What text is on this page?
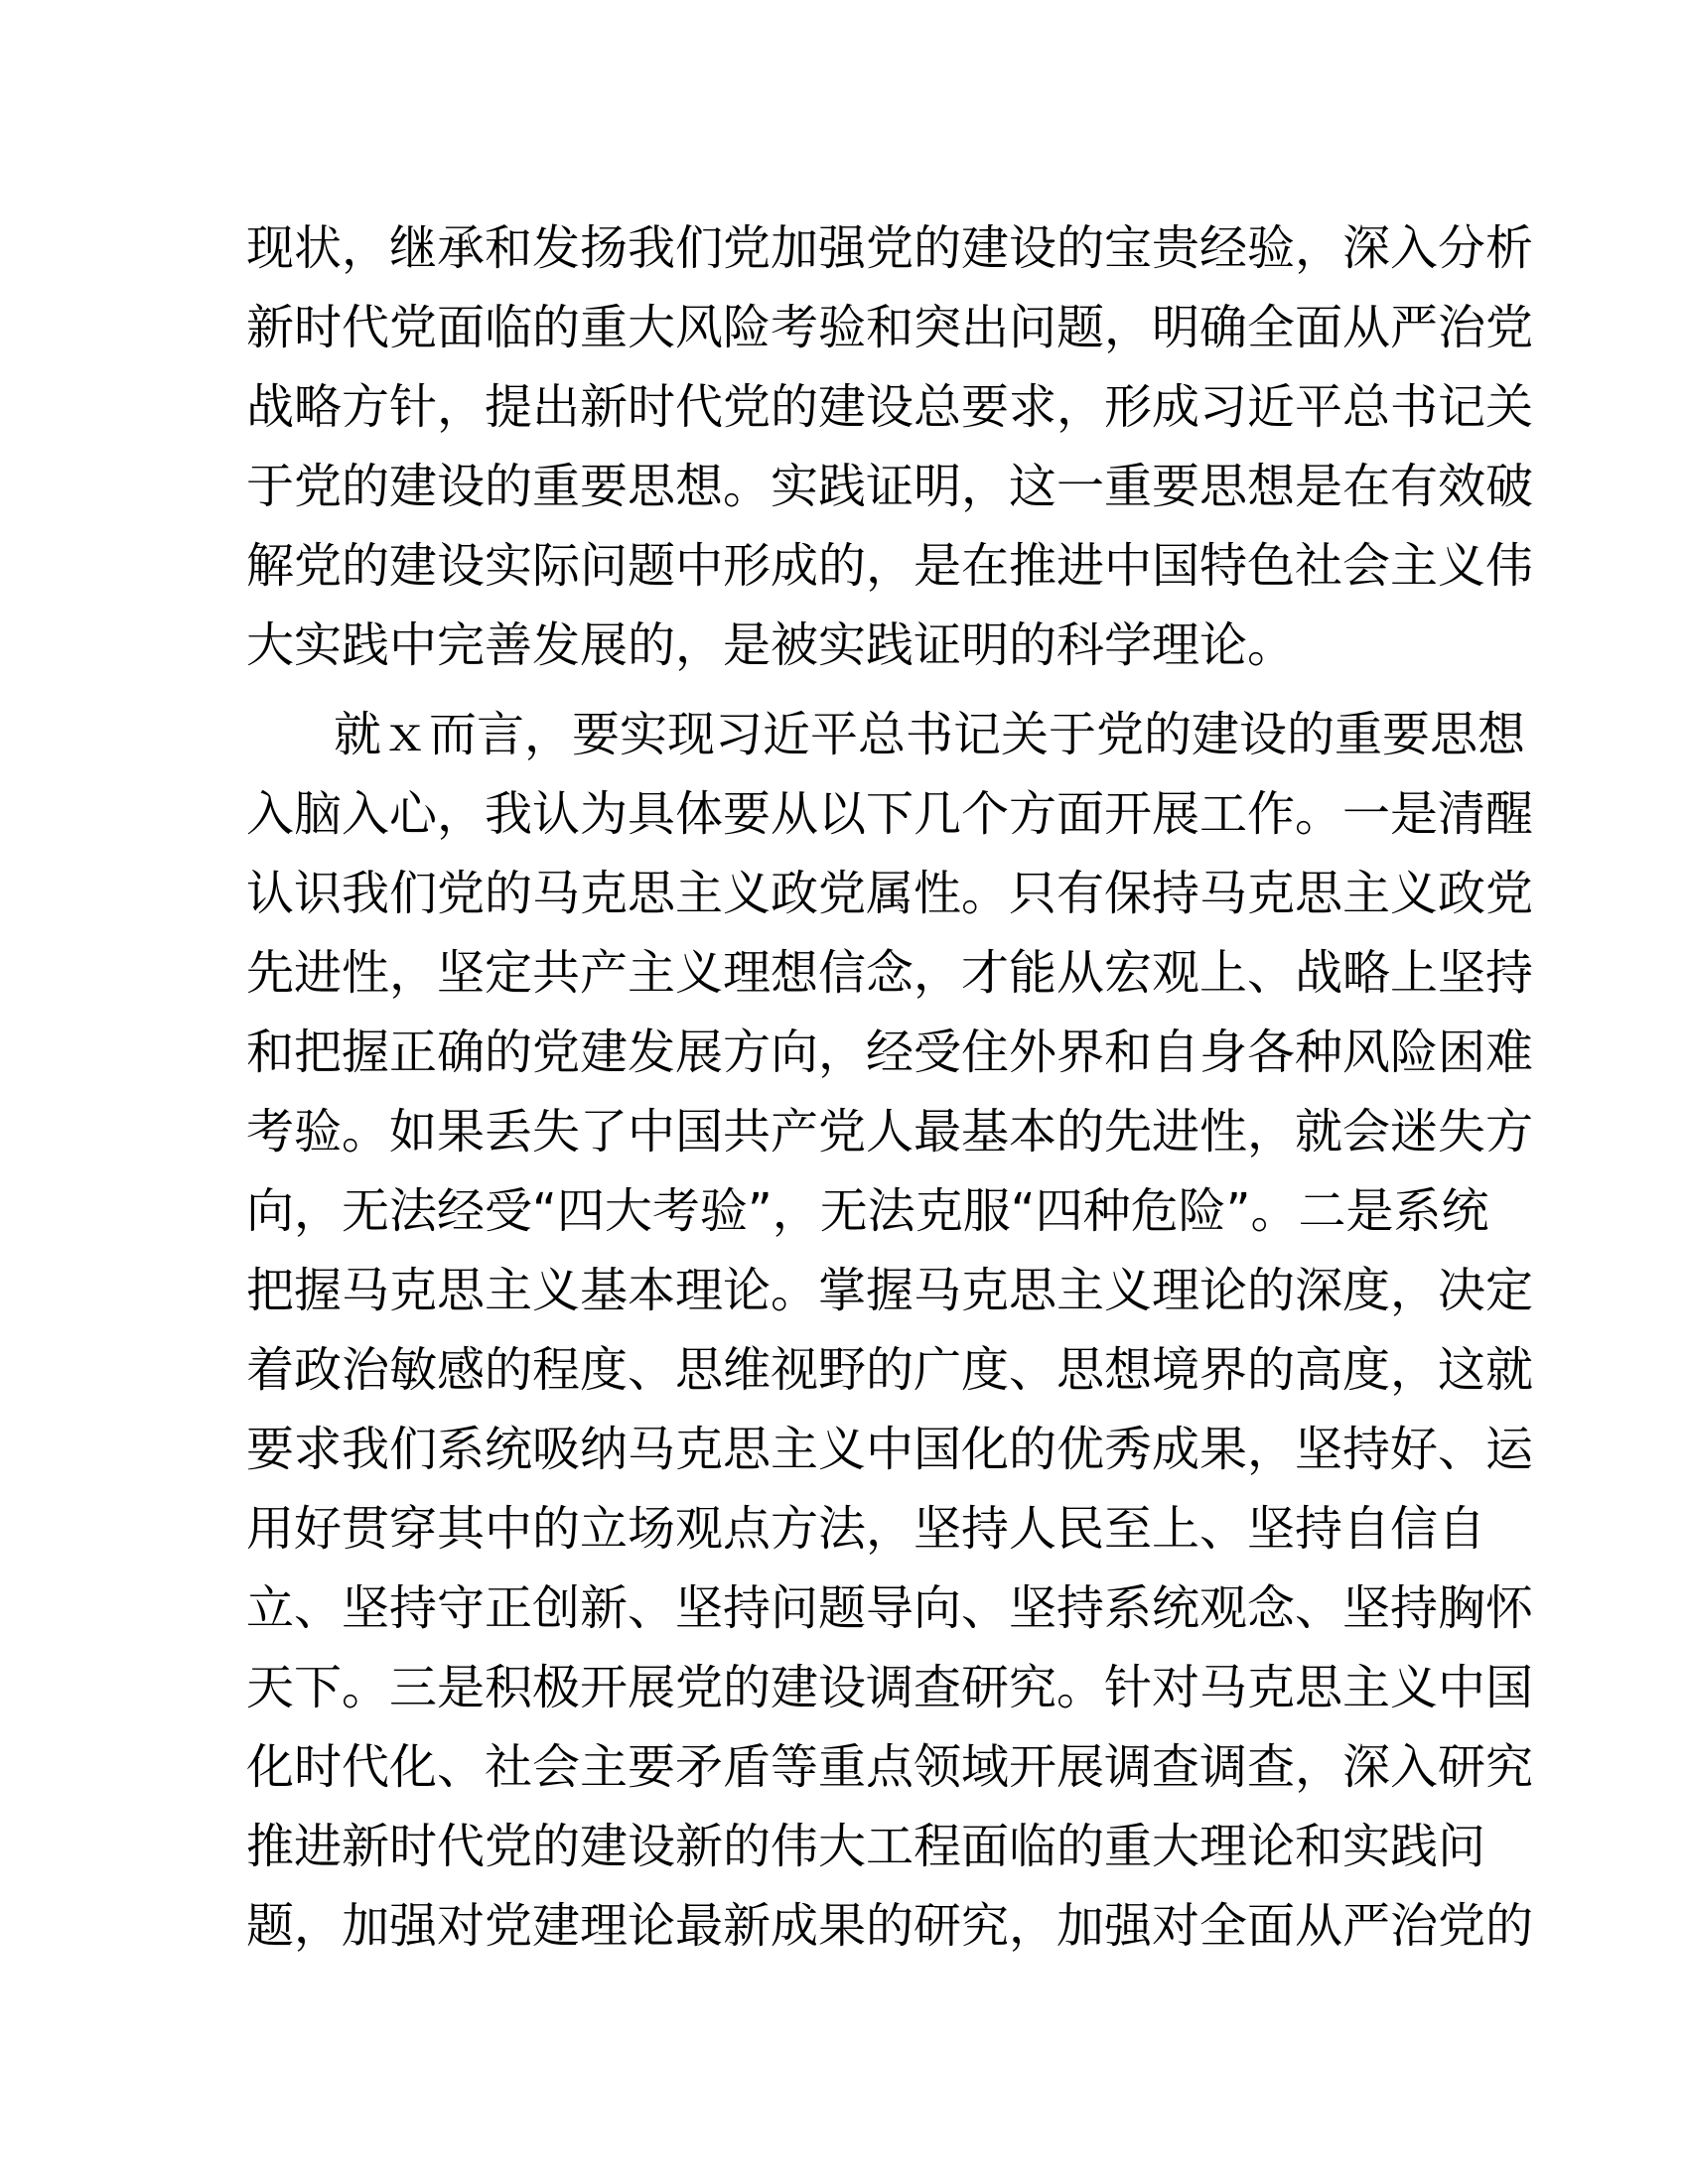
现状，继承和发扬我们党加强党的建设的宝贵经验，深入分析
新时代党面临的重大风险考验和突出问题，明确全面从严治党
战略方针，提出新时代党的建设总要求，形成习近平总书记关
于党的建设的重要思想。实践证明，这一重要思想是在有效破
解党的建设实际问题中形成的，是在推进中国特色社会主义伟
大实践中完善发展的，是被实践证明的科学理论。
就ｘ而言，要实现习近平总书记关于党的建设的重要思想
入脑入心，我认为具体要从以下几个方面开展工作。一是清醒
认识我们党的马克思主义政党属性。只有保持马克思主义政党
先进性，坚定共产主义理想信念，才能从宏观上、战略上坚持
和把握正确的党建发展方向，经受住外界和自身各种风险困难
考验。如果丢失了中国共产党人最基本的先进性，就会迷失方
向，无法经受“四大考验”，无法克服“四种危险”。二是系统
把握马克思主义基本理论。掌握马克思主义理论的深度，决定
着政治敏感的程度、思维视野的广度、思想境界的高度，这就
要求我们系统吸纳马克思主义中国化的优秀成果，坚持好、运
用好贯穿其中的立场观点方法，坚持人民至上、坚持自信自
立、坚持守正创新、坚持问题导向、坚持系统观念、坚持胸怀
天下。三是积极开展党的建设调查研究。针对马克思主义中国
化时代化、社会主要矛盾等重点领域开展调查调查，深入研究
推进新时代党的建设新的伟大工程面临的重大理论和实践问
题，加强对党建理论最新成果的研究，加强对全面从严治党的
